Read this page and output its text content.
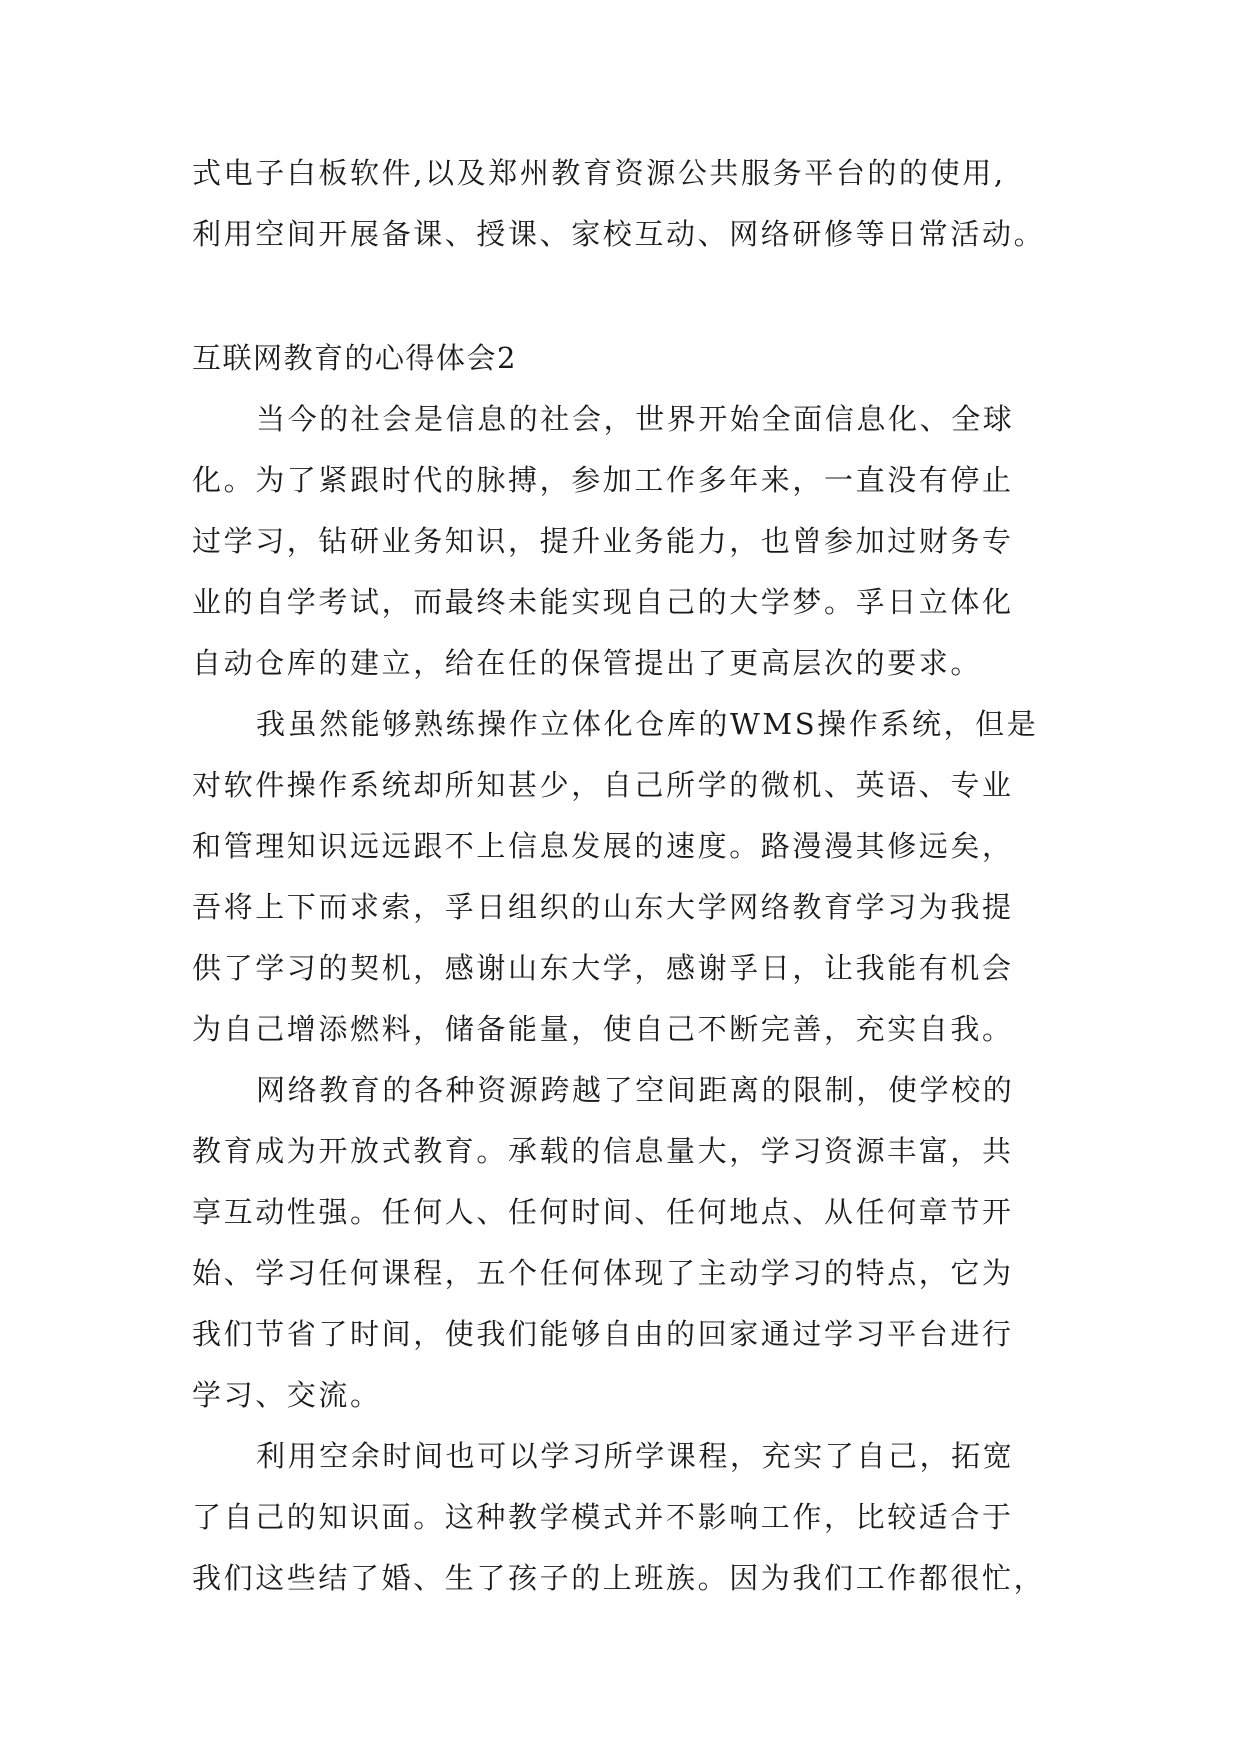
式电子白板软件,以及郑州教育资源公共服务平台的的使用,
利用空间开展备课、授课、家校互动、网络研修等日常活动。
互联网教育的心得体会2
当今的社会是信息的社会，世界开始全面信息化、全球
化。为了紧跟时代的脉搏，参加工作多年来，一直没有停止
过学习，钻研业务知识，提升业务能力，也曾参加过财务专
业的自学考试，而最终未能实现自己的大学梦。孚日立体化
自动仓库的建立，给在任的保管提出了更高层次的要求。
我虽然能够熟练操作立体化仓库的WMS操作系统，但是
对软件操作系统却所知甚少，自己所学的微机、英语、专业
和管理知识远远跟不上信息发展的速度。路漫漫其修远矣，
吾将上下而求索，孚日组织的山东大学网络教育学习为我提
供了学习的契机，感谢山东大学，感谢孚日，让我能有机会
为自己增添燃料，储备能量，使自己不断完善，充实自我。
网络教育的各种资源跨越了空间距离的限制，使学校的
教育成为开放式教育。承载的信息量大，学习资源丰富，共
享互动性强。任何人、任何时间、任何地点、从任何章节开
始、学习任何课程，五个任何体现了主动学习的特点，它为
我们节省了时间，使我们能够自由的回家通过学习平台进行
学习、交流。
利用空余时间也可以学习所学课程，充实了自己，拓宽
了自己的知识面。这种教学模式并不影响工作，比较适合于
我们这些结了婚、生了孩子的上班族。因为我们工作都很忙，
